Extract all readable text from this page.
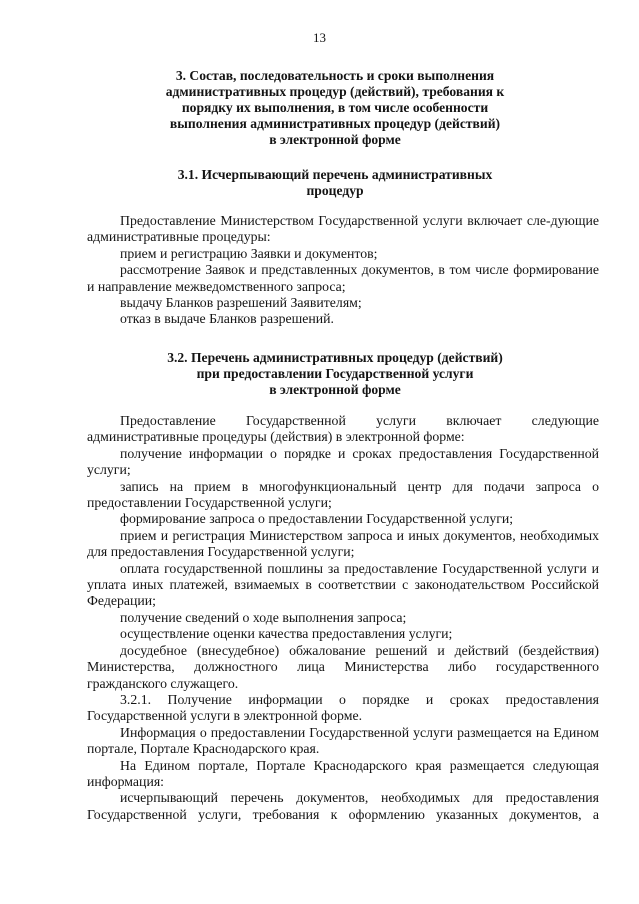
13
3. Состав, последовательность и сроки выполнения
административных процедур (действий), требования к
порядку их выполнения, в том числе особенности
выполнения административных процедур (действий)
в электронной форме
3.1. Исчерпывающий перечень административных
процедур

Предоставление Министерством Государственной услуги включает сле-дующие административные процедуры:

прием и регистрацию Заявки и документов;

рассмотрение Заявок и представленных документов, в том числе формирование и направление межведомственного запроса;

выдачу Бланков разрешений Заявителям;

отказ в выдаче Бланков разрешений.

3.2. Перечень административных процедур (действий)
при предоставлении Государственной услуги
в электронной форме

Предоставление Государственной услуги включает следующие административные процедуры (действия) в электронной форме:

получение информации о порядке и сроках предоставления Государственной услуги;

запись на прием в многофункциональный центр для подачи запроса о предоставлении Государственной услуги;

формирование запроса о предоставлении Государственной услуги;

прием и регистрация Министерством запроса и иных документов, необходимых для предоставления Государственной услуги;

оплата государственной пошлины за предоставление Государственной услуги и уплата иных платежей, взимаемых в соответствии с законодательством Российской Федерации;

получение сведений о ходе выполнения запроса;

осуществление оценки качества предоставления услуги;

досудебное (внесудебное) обжалование решений и действий (бездействия) Министерства, должностного лица Министерства либо государственного гражданского служащего.

3.2.1. Получение информации о порядке и сроках предоставления Государственной услуги в электронной форме.

Информация о предоставлении Государственной услуги размещается на Едином портале, Портале Краснодарского края.

На Едином портале, Портале Краснодарского края размещается следующая информация:

исчерпывающий перечень документов, необходимых для предоставления Государственной услуги, требования к оформлению указанных документов, а
